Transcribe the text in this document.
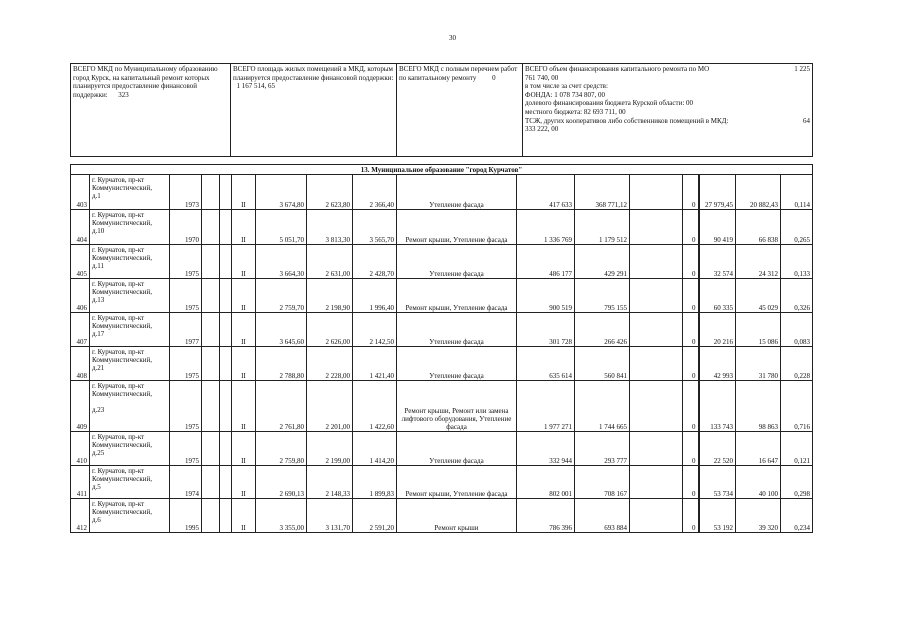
30
ВСЕГО МКД по Муниципальному образованию город Курск, на капитальный ремонт которых планируется предоставление финансовой поддержки: 323	ВСЕГО площадь жилых помещений в МКД, которым планируется предоставление финансовой поддержки:   1 167 514, 65	ВСЕГО МКД с полным перечнем работ по капитальному ремонту 0	
ВСЕГО объем финансирования капитального ремонта по МО	1 225
761 740, 00
в том числе за счет средств:
ФОНДА: 1 078 734 807, 00
долевого финансирования бюджета Курской области: 00
местного бюджета: 82 693 711, 00
ТСЖ, других кооперативов либо собственников помещений в МКД:	64
333 222, 00
13. Муниципальное образование "город Курчатов"																
403	г. Курчатов, пр-кт
Коммунистический,
д.1	1973			II	3 674,80	2 623,80	2 366,40	Утепление фасада	417 633	368 771,12		0	27 979,45	20 882,43	0,114
404	г. Курчатов, пр-кт
Коммунистический,
д.10	1970			II	5 051,70	3 813,30	3 565,70	Ремонт крыши, Утепление фасада	1 336 769	1 179 512		0	90 419	66 838	0,265
405	г. Курчатов, пр-кт
Коммунистический,
д.11	1975			II	3 664,30	2 631,00	2 428,70	Утепление фасада	486 177	429 291		0	32 574	24 312	0,133
406	г. Курчатов, пр-кт
Коммунистический,
д.13	1975			II	2 759,70	2 198,90	1 996,40	Ремонт крыши, Утепление фасада	900 519	795 155		0	60 335	45 029	0,326
407	г. Курчатов, пр-кт
Коммунистический,
д.17	1977			II	3 645,60	2 626,00	2 142,50	Утепление фасада	301 728	266 426		0	20 216	15 086	0,083
408	г. Курчатов, пр-кт
Коммунистический,
д.21	1975			II	2 788,80	2 228,00	1 421,40	Утепление фасада	635 614	560 841		0	42 993	31 780	0,228
409	г. Курчатов, пр-кт
Коммунистический,
д.23	1975			II	2 761,80	2 201,00	1 422,60	Ремонт крыши, Ремонт или замена лифтового оборудования, Утепление фасада	1 977 271	1 744 665		0	133 743	98 863	0,716
410	г. Курчатов, пр-кт
Коммунистический,
д.25	1975			II	2 759,80	2 199,00	1 414,20	Утепление фасада	332 944	293 777		0	22 520	16 647	0,121
411	г. Курчатов, пр-кт
Коммунистический,
д.5	1974			II	2 690,13	2 148,33	1 899,83	Ремонт крыши, Утепление фасада	802 001	708 167		0	53 734	40 100	0,298
412	г. Курчатов, пр-кт
Коммунистический,
д.6	1995			II	3 355,00	3 131,70	2 591,20	Ремонт крыши	786 396	693 884		0	53 192	39 320	0,234
